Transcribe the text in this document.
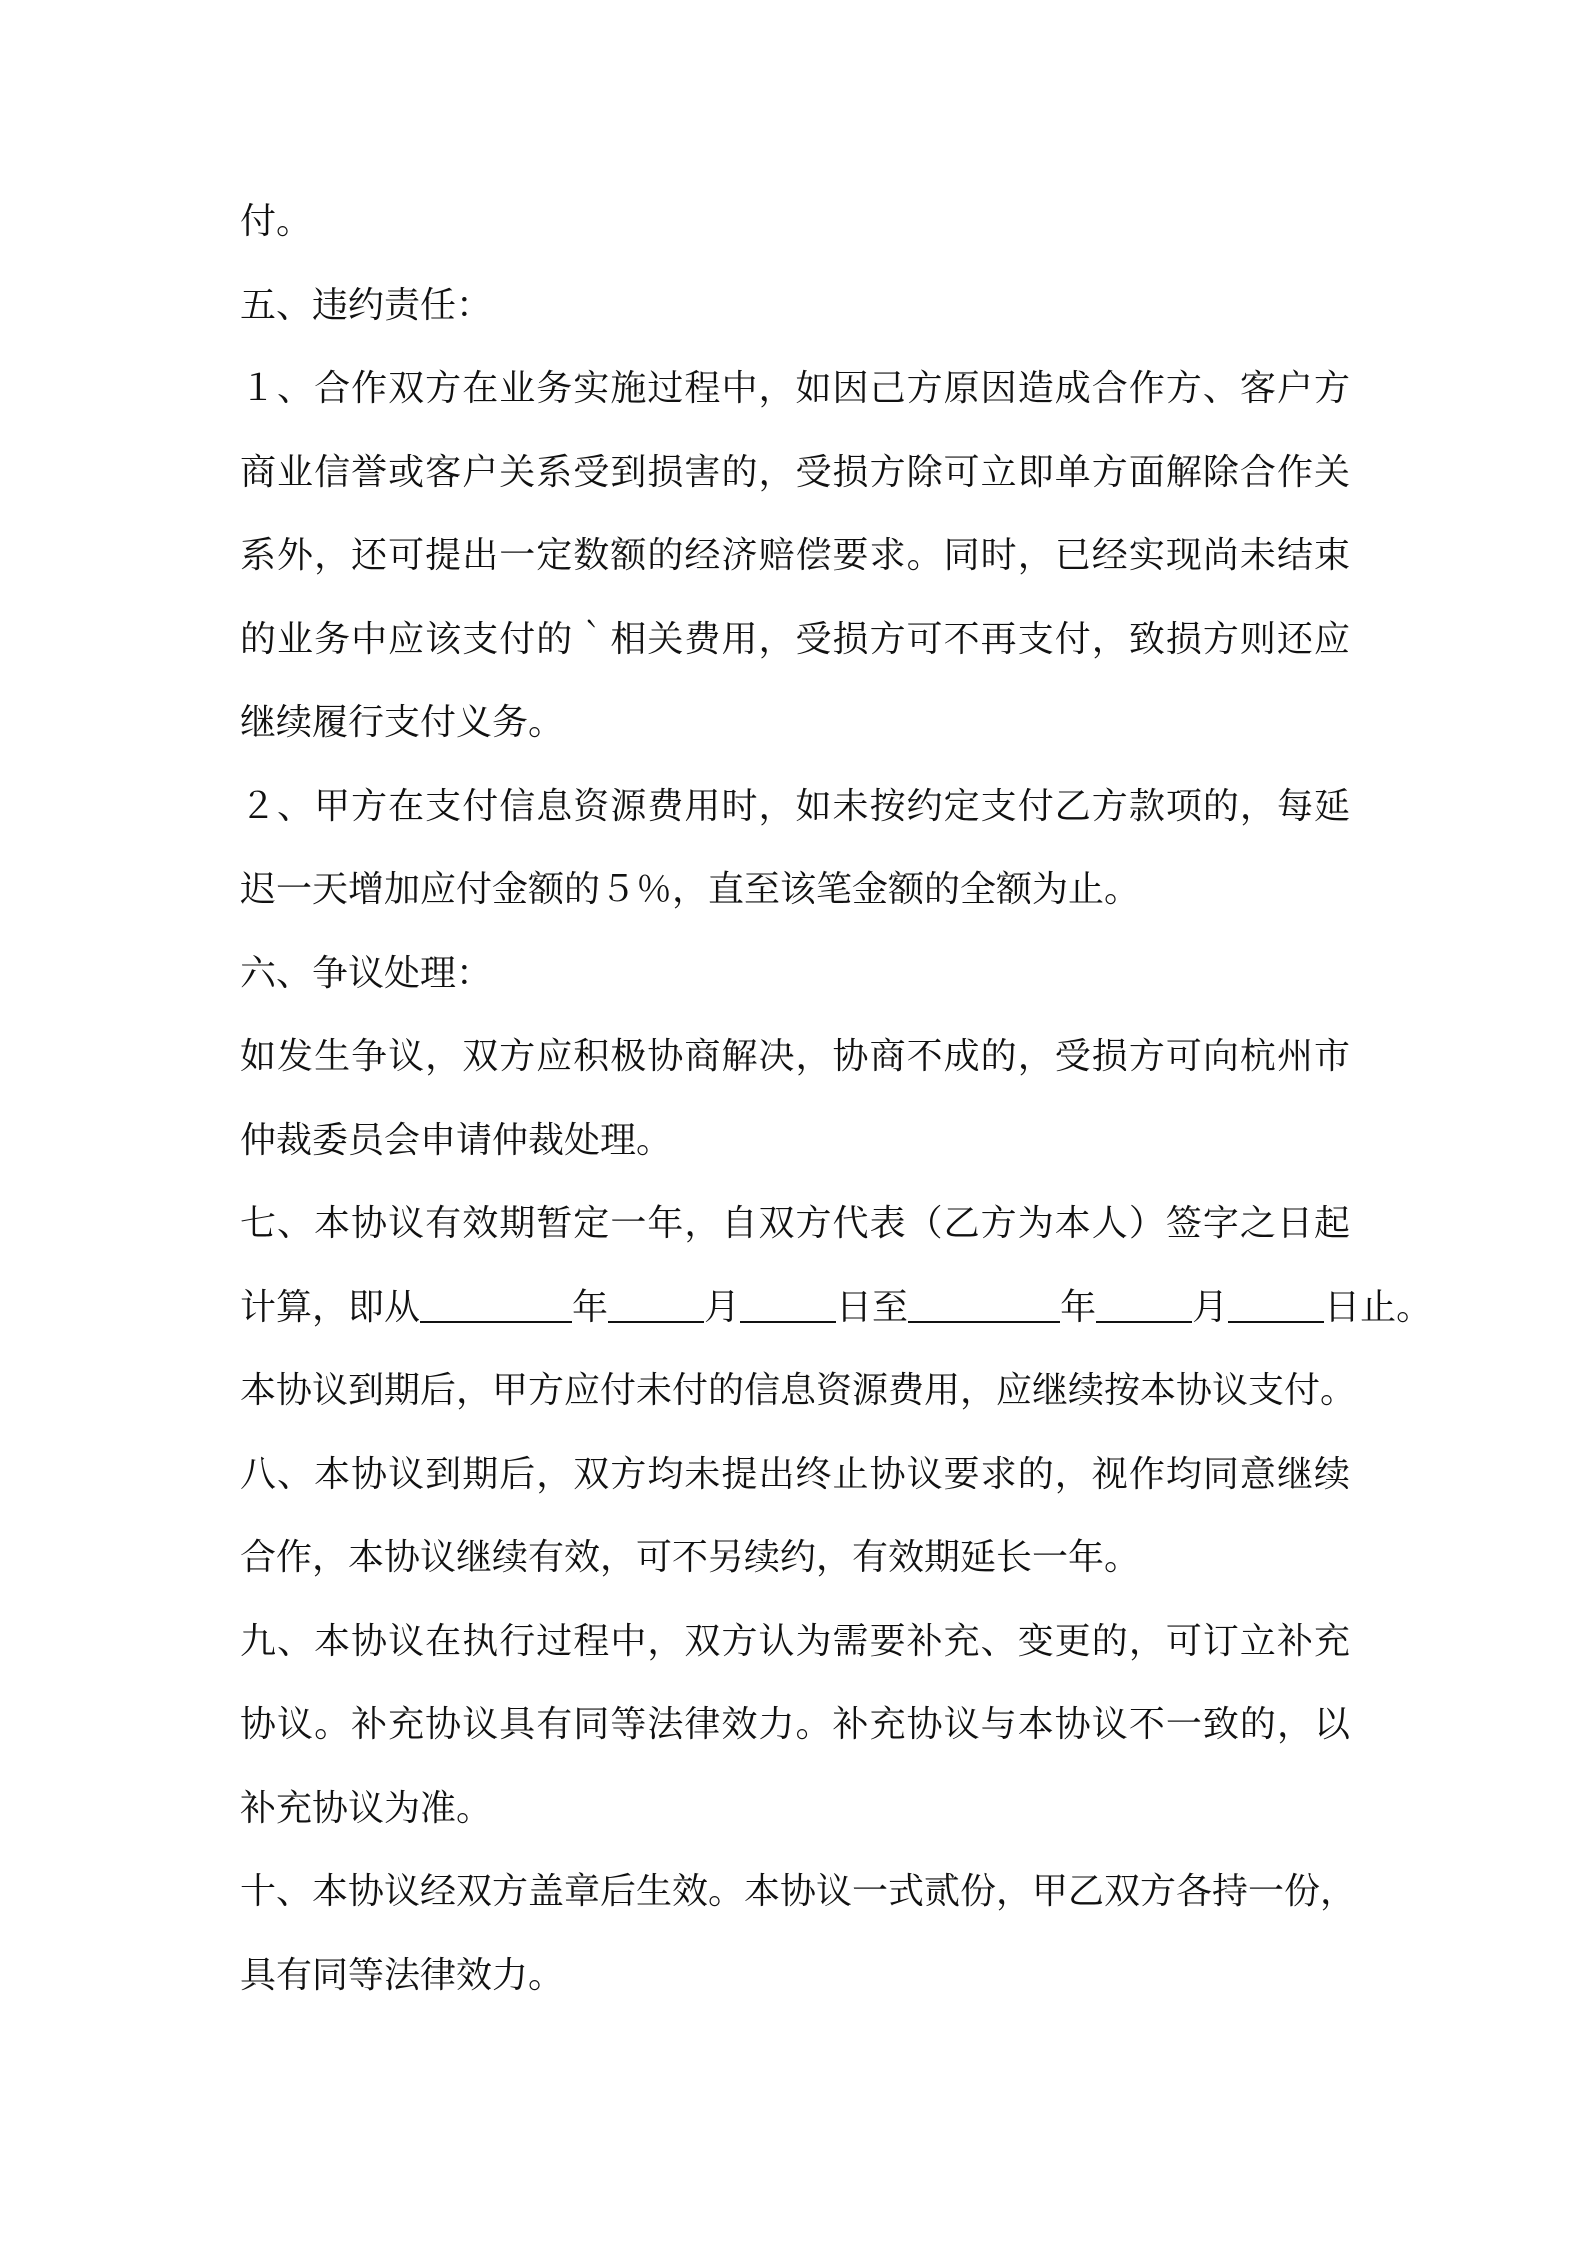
付。
五、违约责任：
１、合作双方在业务实施过程中，如因己方原因造成合作方、客户方
商业信誉或客户关系受到损害的，受损方除可立即单方面解除合作关
系外，还可提出一定数额的经济赔偿要求。同时，已经实现尚未结束
的业务中应该支付的｀相关费用，受损方可不再支付，致损方则还应
继续履行支付义务。
２、甲方在支付信息资源费用时，如未按约定支付乙方款项的，每延
迟一天增加应付金额的５％，直至该笔金额的全额为止。
六、争议处理：
如发生争议，双方应积极协商解决，协商不成的，受损方可向杭州市
仲裁委员会申请仲裁处理。
七、本协议有效期暂定一年，自双方代表（乙方为本人）签字之日起
计算，即从	年	月	日至	年	月	日止。
本协议到期后，甲方应付未付的信息资源费用，应继续按本协议支付。
八、本协议到期后，双方均未提出终止协议要求的，视作均同意继续
合作，本协议继续有效，可不另续约，有效期延长一年。
九、本协议在执行过程中，双方认为需要补充、变更的，可订立补充
协议。补充协议具有同等法律效力。补充协议与本协议不一致的，以
补充协议为准。
十、本协议经双方盖章后生效。本协议一式贰份，甲乙双方各持一份，
具有同等法律效力。
